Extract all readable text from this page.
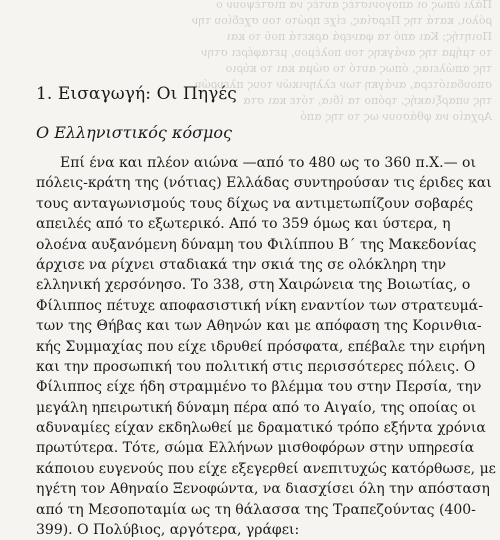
Πάλι όπως οι απογονιστές αυτές να πιστέψουν ο
ρόλοι, κατά της Περσίας, είχε πρώτο του σχεδίου την
Ποιητής; Και από τα φανερά αρκετά πού το και
το τμήμα της ανάγκης του πολέμου, μεταφέρει στην
της απώλειας, όπως αυτό το σώμα και το κύριο
σπουδαιότερα, ανάγκη των ελληνικών τους πλευρών
της υπαρξιακής, τρόπο τα ίδια, τότε και στα
Αρχαίο να φθάσουν ως το της από
1. Εισαγωγή: Οι Πηγές
Ο Ελληνιστικός κόσμος
Επί ένα και πλέον αιώνα —από το 480 ως το 360 π.Χ.— οι
πόλεις-κράτη της (νότιας) Ελλάδας συντηρούσαν τις έριδες και
τους ανταγωνισμούς τους δίχως να αντιμετωπίζουν σοβαρές
απειλές από το εξωτερικό. Από το 359 όμως και ύστερα, η
ολοένα αυξανόμενη δύναμη του Φιλίππου Β΄ της Μακεδονίας
άρχισε να ρίχνει σταδιακά την σκιά της σε ολόκληρη την
ελληνική χερσόνησο. Το 338, στη Χαιρώνεια της Βοιωτίας, ο
Φίλιππος πέτυχε αποφασιστική νίκη εναντίον των στρατευμά-
των της Θήβας και των Αθηνών και με απόφαση της Κορινθια-
κής Συμμαχίας που είχε ιδρυθεί πρόσφατα, επέβαλε την ειρήνη
και την προσωπική του πολιτική στις περισσότερες πόλεις. Ο
Φίλιππος είχε ήδη στραμμένο το βλέμμα του στην Περσία, την
μεγάλη ηπειρωτική δύναμη πέρα από το Αιγαίο, της οποίας οι
αδυναμίες είχαν εκδηλωθεί με δραματικό τρόπο εξήντα χρόνια
πρωτύτερα. Τότε, σώμα Ελλήνων μισθοφόρων στην υπηρεσία
κάποιου ευγενούς που είχε εξεγερθεί ανεπιτυχώς κατόρθωσε, με
ηγέτη τον Αθηναίο Ξενοφώντα, να διασχίσει όλη την απόσταση
από τη Μεσοποταμία ως τη θάλασσα της Τραπεζούντας (400-
399). Ο Πολύβιος, αργότερα, γράφει:
